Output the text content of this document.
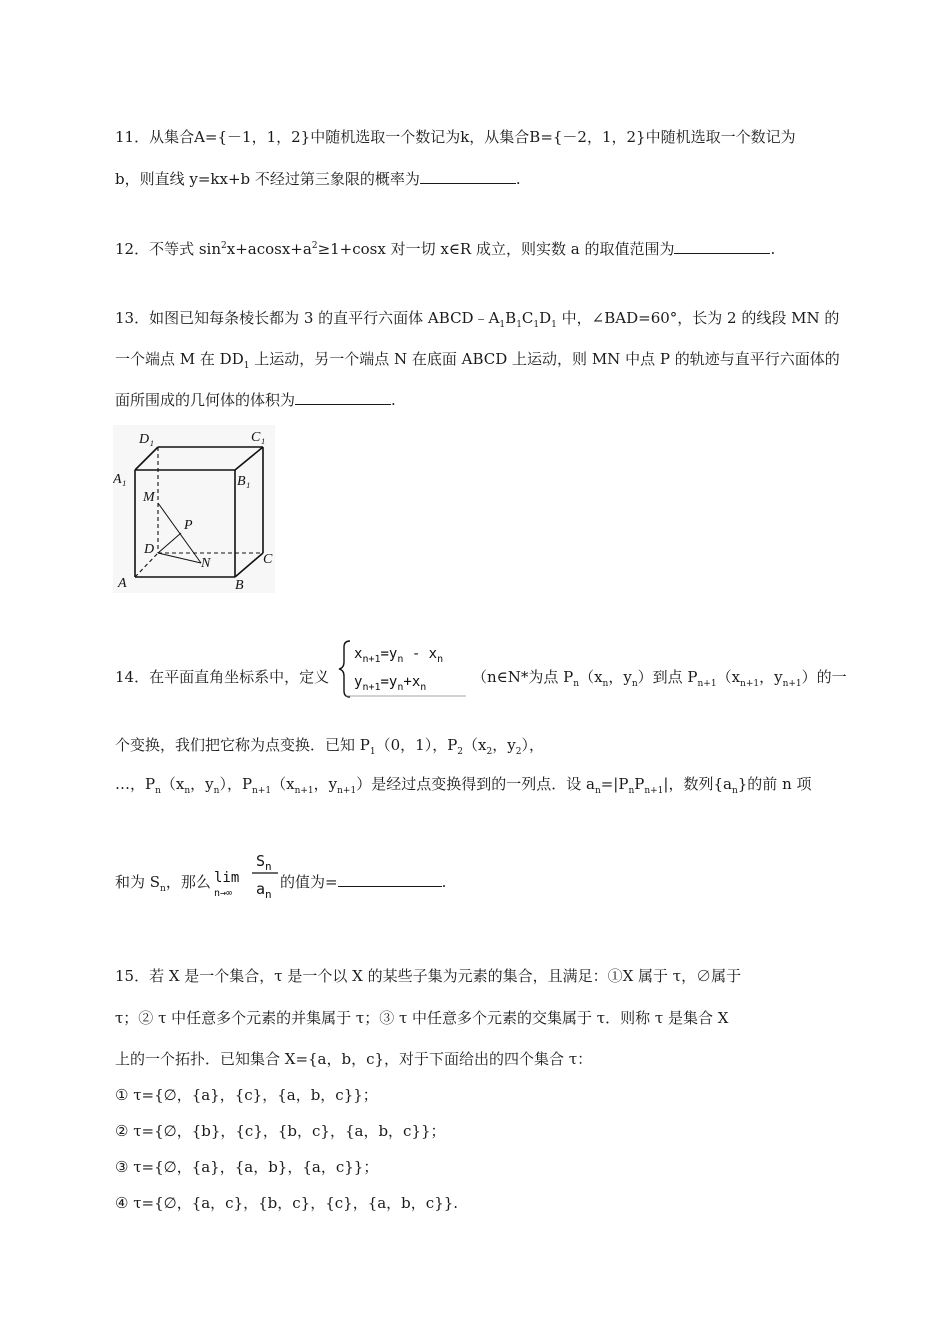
11．从集合A={－1，1，2}中随机选取一个数记为k，从集合B={－2，1，2}中随机选取一个数记为
b，则直线 y=kx+b 不经过第三象限的概率为	.
12．不等式 $\sin^2x+acosx+a^2\ge 1+\cos x$ 对一切 x∈R 成立，则实数 a 的取值范围为	.
13．如图已知每条棱长都为 3 的直平行六面体 $ABCD﹣A_1B_1C_1D_1$ 中，∠BAD=60°，长为 2 的线段 MN 的
一个端点 M 在 $DD_1$ 上运动，另一个端点 N 在底面 ABCD 上运动，则 MN 中点 P 的轨迹与直平行六面体的
面所围成的几何体的体积为	.
D₁	C₁
A₁	B₁
M
P
D
C
N
A	B
14．在平面直角坐标系中，定义
$x_{n+1}=y_n - x_n$
$y_{n+1}=y_n+x_n$
（n∈N*为点 $P_n(x_n$，$y_n$）到点 $P_{n+1}(x_{n+1}$，$y_{n+1}$）的一
个变换，我们把它称为点变换．已知 $P_1(0$，1），$P_2(x_2$，$y_2$），
…，$P_n(x_n$，$y_n$），$P_{n+1}(x_{n+1}$，$y_{n+1}$）是经过点变换得到的一列点．设 $a_n=|P_nP_{n+1}|$，数列$\{a_n\}$的前 n 项
和为 $S_n$，那么 lim
n→∞
$S_n$
$a_n$
的值为=	.
15．若 X 是一个集合，τ 是一个以 X 的某些子集为元素的集合，且满足：①X 属于 τ，∅属于
τ；② τ 中任意多个元素的并集属于 τ；③ τ 中任意多个元素的交集属于 τ．则称 τ 是集合 X
上的一个拓扑．已知集合 X={a，b，c}，对于下面给出的四个集合 τ：
① τ={∅，{a}，{c}，{a，b，c}}；
② τ={∅，{b}，{c}，{b，c}，{a，b，c}}；
③ τ={∅，{a}，{a，b}，{a，c}}；
④ τ={∅，{a，c}，{b，c}，{c}，{a，b，c}}.
